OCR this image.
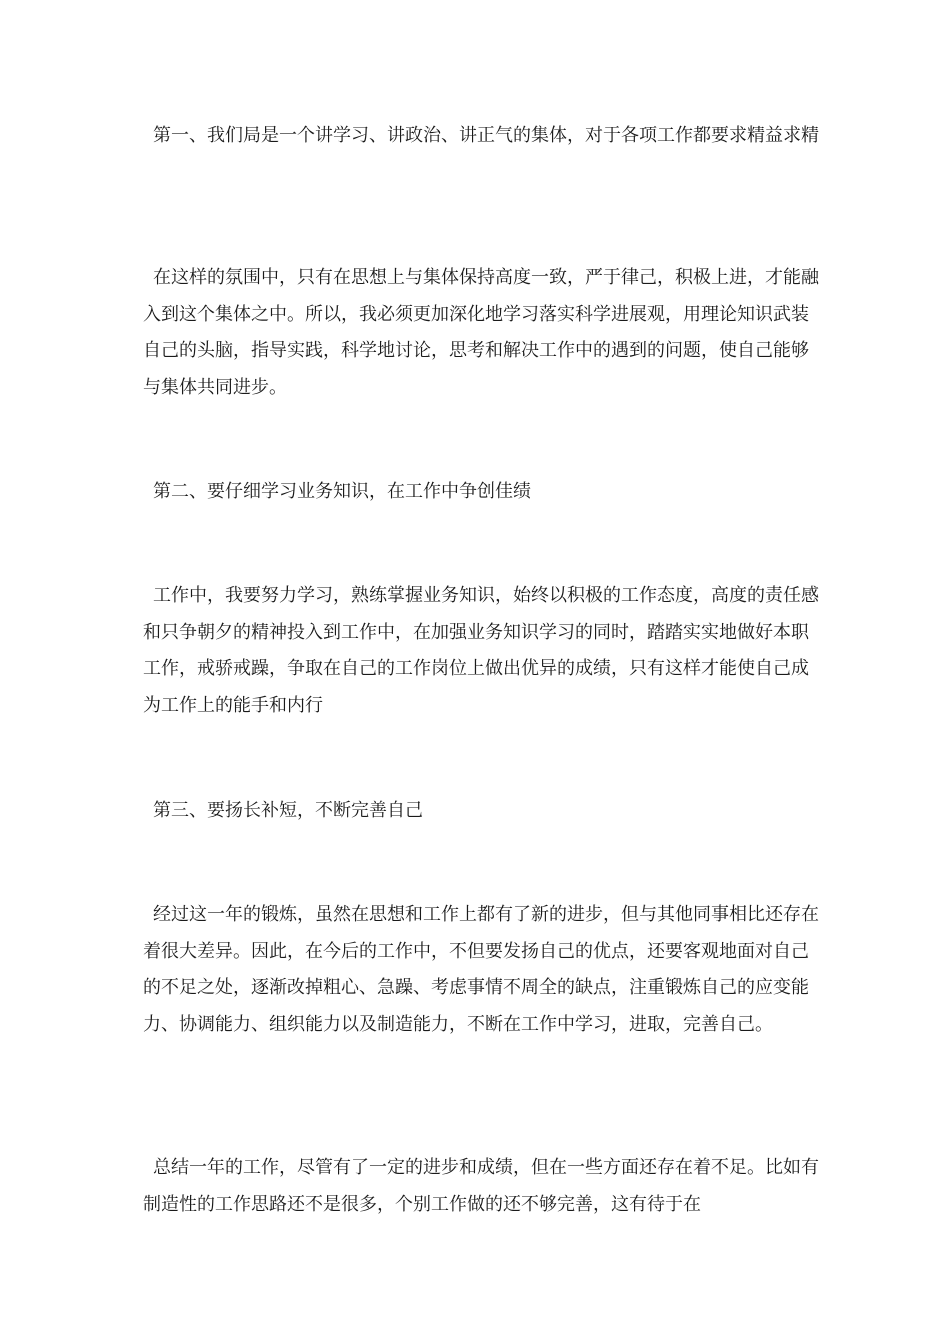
第一、我们局是一个讲学习、讲政治、讲正气的集体，对于各项工作都要求精益求精

在这样的氛围中，只有在思想上与集体保持高度一致，严于律己，积极上进，才能融入到这个集体之中。所以，我必须更加深化地学习落实科学进展观，用理论知识武装自己的头脑，指导实践，科学地讨论，思考和解决工作中的遇到的问题，使自己能够与集体共同进步。

第二、要仔细学习业务知识，在工作中争创佳绩

工作中，我要努力学习，熟练掌握业务知识，始终以积极的工作态度，高度的责任感和只争朝夕的精神投入到工作中，在加强业务知识学习的同时，踏踏实实地做好本职工作，戒骄戒躁，争取在自己的工作岗位上做出优异的成绩，只有这样才能使自己成为工作上的能手和内行

第三、要扬长补短，不断完善自己

经过这一年的锻炼，虽然在思想和工作上都有了新的进步，但与其他同事相比还存在着很大差异。因此，在今后的工作中，不但要发扬自己的优点，还要客观地面对自己的不足之处，逐渐改掉粗心、急躁、考虑事情不周全的缺点，注重锻炼自己的应变能力、协调能力、组织能力以及制造能力，不断在工作中学习，进取，完善自己。

总结一年的工作，尽管有了一定的进步和成绩，但在一些方面还存在着不足。比如有制造性的工作思路还不是很多，个别工作做的还不够完善，这有待于在
